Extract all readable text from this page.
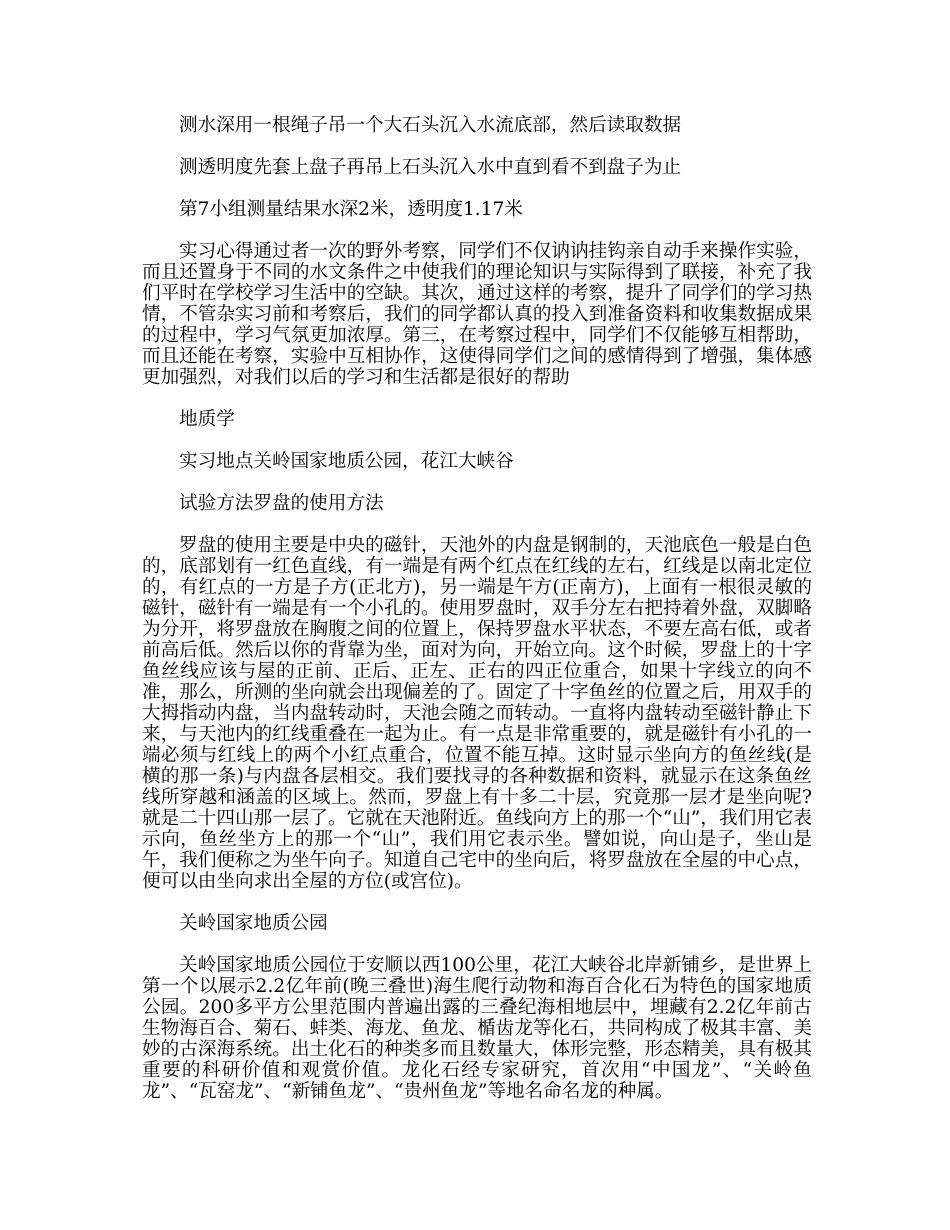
测水深用一根绳子吊一个大石头沉入水流底部，然后读取数据

测透明度先套上盘子再吊上石头沉入水中直到看不到盘子为止

第7小组测量结果水深2米，透明度1.17米

实习心得通过者一次的野外考察，同学们不仅讷讷挂钩亲自动手来操作实验，而且还置身于不同的水文条件之中使我们的理论知识与实际得到了联接，补充了我们平时在学校学习生活中的空缺。其次，通过这样的考察，提升了同学们的学习热情，不管杂实习前和考察后，我们的同学都认真的投入到准备资料和收集数据成果的过程中，学习气氛更加浓厚。第三，在考察过程中，同学们不仅能够互相帮助，而且还能在考察，实验中互相协作，这使得同学们之间的感情得到了增强，集体感更加强烈，对我们以后的学习和生活都是很好的帮助

地质学

实习地点关岭国家地质公园，花江大峡谷

试验方法罗盘的使用方法

罗盘的使用主要是中央的磁针，天池外的内盘是钢制的，天池底色一般是白色的，底部划有一红色直线，有一端是有两个红点在红线的左右，红线是以南北定位的，有红点的一方是子方(正北方)，另一端是午方(正南方)，上面有一根很灵敏的磁针，磁针有一端是有一个小孔的。使用罗盘时，双手分左右把持着外盘，双脚略为分开，将罗盘放在胸腹之间的位置上，保持罗盘水平状态，不要左高右低，或者前高后低。然后以你的背靠为坐，面对为向，开始立向。这个时候，罗盘上的十字鱼丝线应该与屋的正前、正后、正左、正右的四正位重合，如果十字线立的向不准，那么，所测的坐向就会出现偏差的了。固定了十字鱼丝的位置之后，用双手的大拇指动内盘，当内盘转动时，天池会随之而转动。一直将内盘转动至磁针静止下来，与天池内的红线重叠在一起为止。有一点是非常重要的，就是磁针有小孔的一端必须与红线上的两个小红点重合，位置不能互掉。这时显示坐向方的鱼丝线(是横的那一条)与内盘各层相交。我们要找寻的各种数据和资料，就显示在这条鱼丝线所穿越和涵盖的区域上。然而，罗盘上有十多二十层，究竟那一层才是坐向呢?就是二十四山那一层了。它就在天池附近。鱼线向方上的那一个“山”，我们用它表示向，鱼丝坐方上的那一个“山”，我们用它表示坐。譬如说，向山是子，坐山是午，我们便称之为坐午向子。知道自己宅中的坐向后，将罗盘放在全屋的中心点，便可以由坐向求出全屋的方位(或宫位)。

关岭国家地质公园

关岭国家地质公园位于安顺以西100公里，花江大峡谷北岸新铺乡，是世界上第一个以展示2.2亿年前(晚三叠世)海生爬行动物和海百合化石为特色的国家地质公园。200多平方公里范围内普遍出露的三叠纪海相地层中，埋藏有2.2亿年前古生物海百合、菊石、蚌类、海龙、鱼龙、楯齿龙等化石，共同构成了极其丰富、美妙的古深海系统。出土化石的种类多而且数量大，体形完整，形态精美，具有极其重要的科研价值和观赏价值。龙化石经专家研究，首次用“中国龙”、“关岭鱼龙”、“瓦窑龙”、“新铺鱼龙”、“贵州鱼龙”等地名命名龙的种属。
